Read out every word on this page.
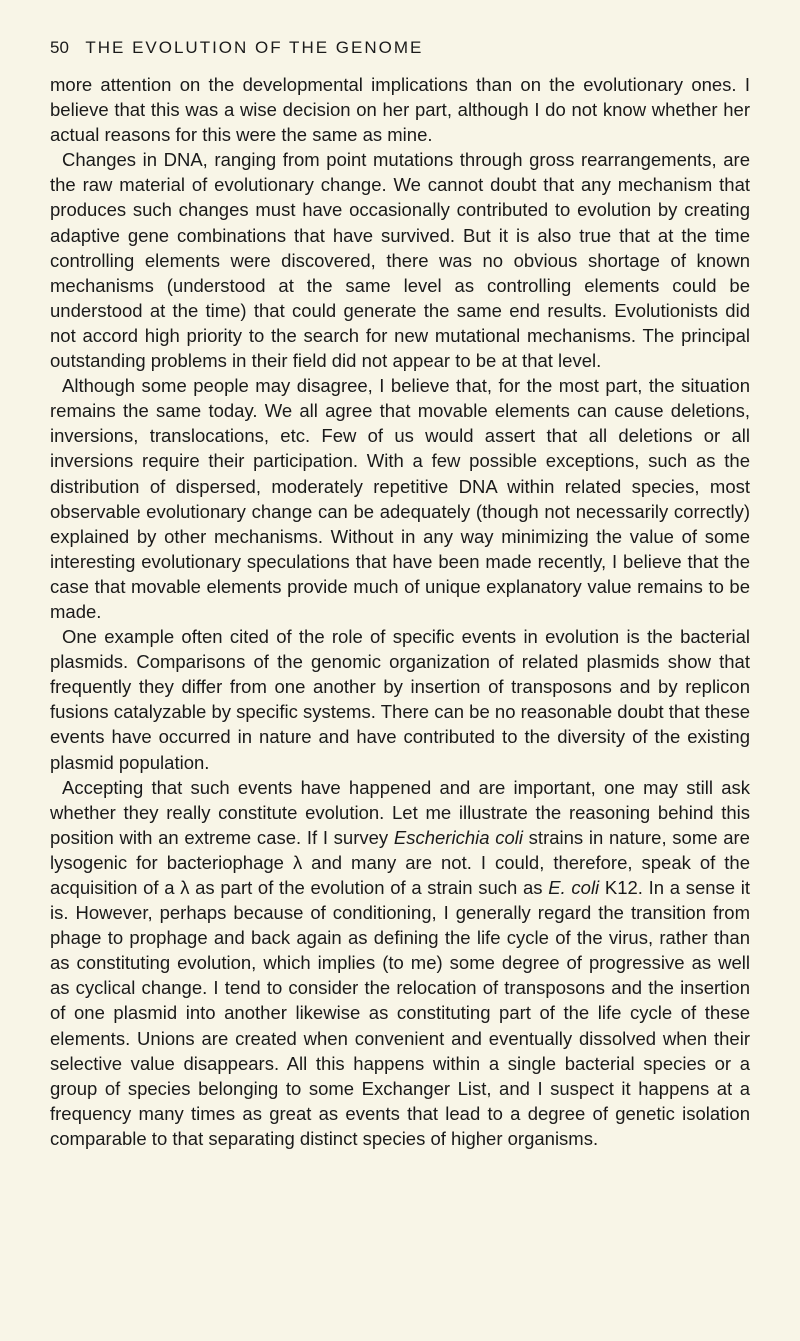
50 THE EVOLUTION OF THE GENOME

more attention on the developmental implications than on the evolutionary ones. I believe that this was a wise decision on her part, although I do not know whether her actual reasons for this were the same as mine.

Changes in DNA, ranging from point mutations through gross rearrangements, are the raw material of evolutionary change. We cannot doubt that any mechanism that produces such changes must have occasionally contributed to evolution by creating adaptive gene combinations that have survived. But it is also true that at the time controlling elements were discovered, there was no obvious shortage of known mechanisms (understood at the same level as controlling elements could be understood at the time) that could generate the same end results. Evolutionists did not accord high priority to the search for new mutational mechanisms. The principal outstanding problems in their field did not appear to be at that level.

Although some people may disagree, I believe that, for the most part, the situation remains the same today. We all agree that movable elements can cause deletions, inversions, translocations, etc. Few of us would assert that all deletions or all inversions require their participation. With a few possible exceptions, such as the distribution of dispersed, moderately repetitive DNA within related species, most observable evolutionary change can be adequately (though not necessarily correctly) explained by other mechanisms. Without in any way minimizing the value of some interesting evolutionary speculations that have been made recently, I believe that the case that movable elements provide much of unique explanatory value remains to be made.

One example often cited of the role of specific events in evolution is the bacterial plasmids. Comparisons of the genomic organization of related plasmids show that frequently they differ from one another by insertion of transposons and by replicon fusions catalyzable by specific systems. There can be no reasonable doubt that these events have occurred in nature and have contributed to the diversity of the existing plasmid population.

Accepting that such events have happened and are important, one may still ask whether they really constitute evolution. Let me illustrate the reasoning behind this position with an extreme case. If I survey Escherichia coli strains in nature, some are lysogenic for bacteriophage λ and many are not. I could, therefore, speak of the acquisition of a λ as part of the evolution of a strain such as E. coli K12. In a sense it is. However, perhaps because of conditioning, I generally regard the transition from phage to prophage and back again as defining the life cycle of the virus, rather than as constituting evolution, which implies (to me) some degree of progressive as well as cyclical change. I tend to consider the relocation of transposons and the insertion of one plasmid into another likewise as constituting part of the life cycle of these elements. Unions are created when convenient and eventually dissolved when their selective value disappears. All this happens within a single bacterial species or a group of species belonging to some Exchanger List, and I suspect it happens at a frequency many times as great as events that lead to a degree of genetic isolation comparable to that separating distinct species of higher organisms.
